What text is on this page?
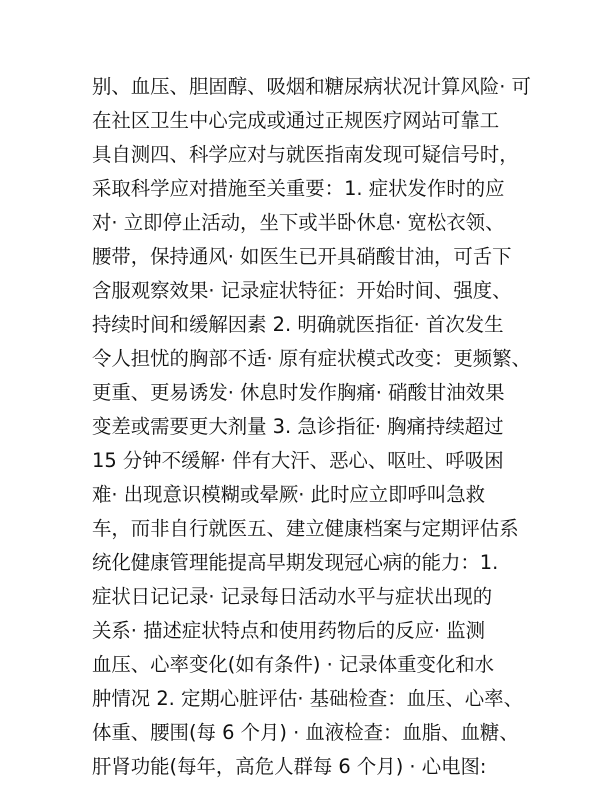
别、血压、胆固醇、吸烟和糖尿病状况计算风险· 可
在社区卫生中心完成或通过正规医疗网站可靠工
具自测四、科学应对与就医指南发现可疑信号时，
采取科学应对措施至关重要：1. 症状发作时的应
对· 立即停止活动，坐下或半卧休息· 宽松衣领、
腰带，保持通风· 如医生已开具硝酸甘油，可舌下
含服观察效果· 记录症状特征：开始时间、强度、
持续时间和缓解因素 2. 明确就医指征· 首次发生
令人担忧的胸部不适· 原有症状模式改变：更频繁、
更重、更易诱发· 休息时发作胸痛· 硝酸甘油效果
变差或需要更大剂量 3. 急诊指征· 胸痛持续超过
15 分钟不缓解· 伴有大汗、恶心、呕吐、呼吸困
难· 出现意识模糊或晕厥· 此时应立即呼叫急救
车，而非自行就医五、建立健康档案与定期评估系
统化健康管理能提高早期发现冠心病的能力：1.
症状日记记录· 记录每日活动水平与症状出现的
关系· 描述症状特点和使用药物后的反应· 监测
血压、心率变化(如有条件) · 记录体重变化和水
肿情况 2. 定期心脏评估· 基础检查：血压、心率、
体重、腰围(每 6 个月) · 血液检查：血脂、血糖、
肝肾功能(每年，高危人群每 6 个月) · 心电图:
